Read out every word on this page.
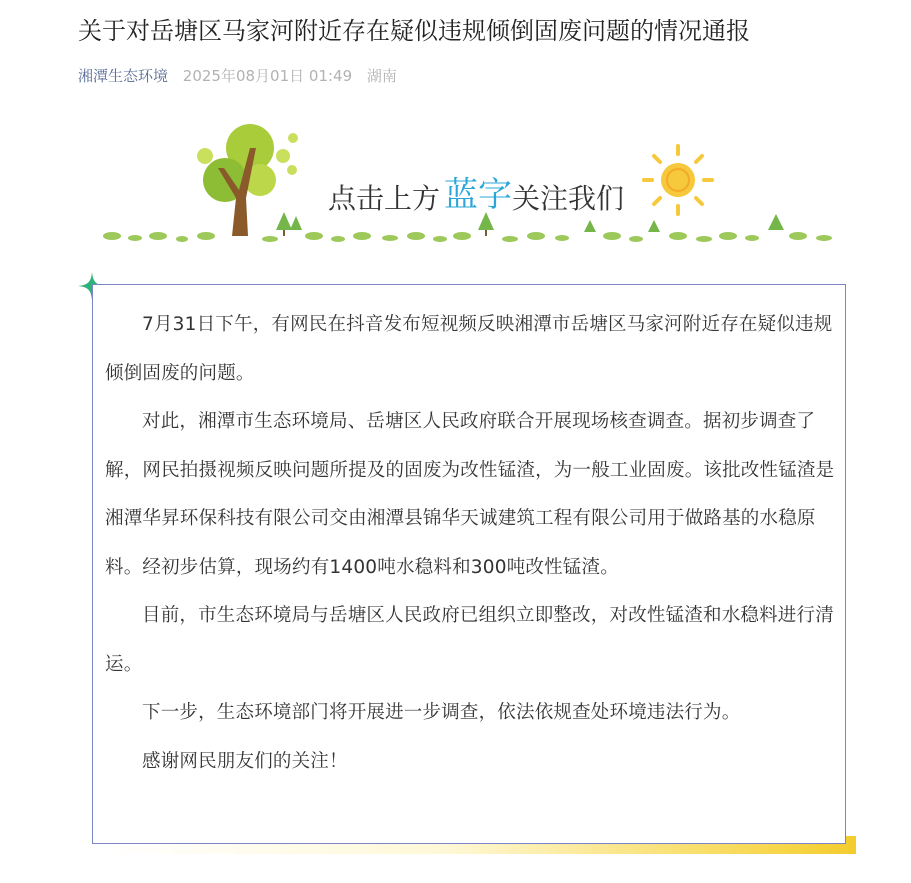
关于对岳塘区马家河附近存在疑似违规倾倒固废问题的情况通报
湘潭生态环境 2025年08月01日 01:49 湖南
点击上方 蓝字 关注我们

7月31日下午，有网民在抖音发布短视频反映湘潭市岳塘区马家河附近存在疑似违规倾倒固废的问题。

对此，湘潭市生态环境局、岳塘区人民政府联合开展现场核查调查。据初步调查了解，网民拍摄视频反映问题所提及的固废为改性锰渣，为一般工业固废。该批改性锰渣是湘潭华昇环保科技有限公司交由湘潭县锦华天诚建筑工程有限公司用于做路基的水稳原料。经初步估算，现场约有1400吨水稳料和300吨改性锰渣。

目前，市生态环境局与岳塘区人民政府已组织立即整改，对改性锰渣和水稳料进行清运。

下一步，生态环境部门将开展进一步调查，依法依规查处环境违法行为。

感谢网民朋友们的关注！
